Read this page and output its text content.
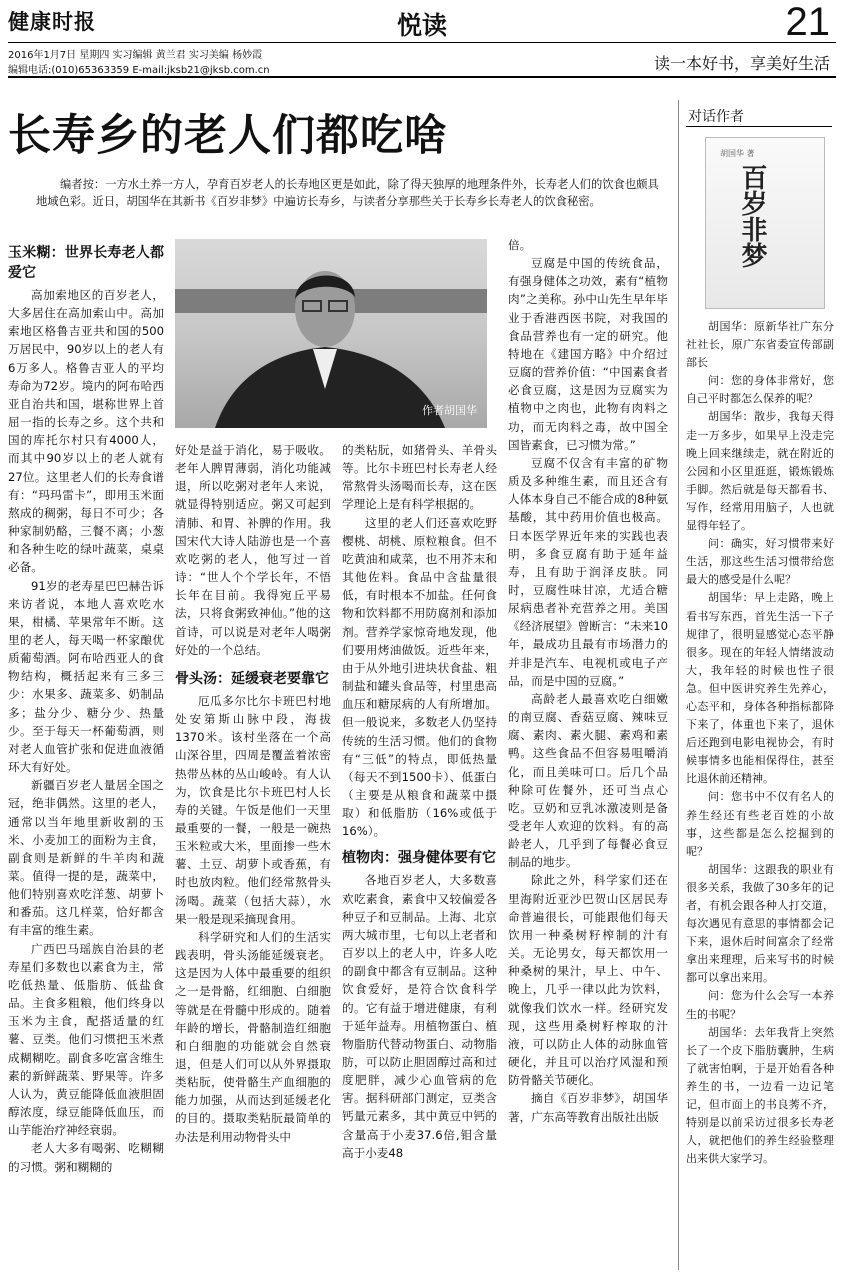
健康时报	悦读	21
2016年1月7日 星期四 实习编辑 黄兰君 实习美编 杨妙霞
编辑电话:(010)65363359 E-mail:jksb21@jksb.com.cn	读一本好书，享美好生活
长寿乡的老人们都吃啥
编者按：一方水土养一方人，孕育百岁老人的长寿地区更是如此，除了得天独厚的地理条件外，长寿老人们的饮食也颇具地域色彩。近日，胡国华在其新书《百岁非梦》中遍访长寿乡，与读者分享那些关于长寿乡长寿老人的饮食秘密。
对话作者
胡国华 著
百岁非梦
作者胡国华
玉米糊：世界长寿老人都爱它

高加索地区的百岁老人，大多居住在高加索山中。高加索地区格鲁吉亚共和国的500万居民中，90岁以上的老人有6万多人。格鲁吉亚人的平均寿命为72岁。境内的阿布哈西亚自治共和国，堪称世界上首屈一指的长寿之乡。这个共和国的库托尔村只有4000人，而其中90岁以上的老人就有27位。这里老人们的长寿食谱有：“玛玛雷卡”，即用玉米面熬成的稠粥，每日不可少；各种家制奶酪，三餐不离；小葱和各种生吃的绿叶蔬菜，桌桌必备。

91岁的老寿星巴巴赫告诉来访者说，本地人喜欢吃水果，柑橘、苹果常年不断。这里的老人，每天喝一杯家酿优质葡萄酒。阿布哈西亚人的食物结构，概括起来有三多三少：水果多、蔬菜多、奶制品多；盐分少、糖分少、热量少。至于每天一杯葡萄酒，则对老人血管扩张和促进血液循环大有好处。

新疆百岁老人量居全国之冠，绝非偶然。这里的老人，通常以当年地里新收割的玉米、小麦加工的面粉为主食，副食则是新鲜的牛羊肉和蔬菜。值得一提的是，蔬菜中，他们特别喜欢吃洋葱、胡萝卜和番茄。这几样菜，恰好都含有丰富的维生素。

广西巴马瑶族自治县的老寿星们多数也以素食为主，常吃低热量、低脂肪、低盐食品。主食多粗粮，他们终身以玉米为主食，配搭适量的红薯、豆类。他们习惯把玉米煮成糊糊吃。副食多吃富含维生素的新鲜蔬菜、野果等。许多人认为，黄豆能降低血液胆固醇浓度，绿豆能降低血压，而山芋能治疗神经衰弱。

老人大多有喝粥、吃糊糊的习惯。粥和糊糊的

好处是益于消化，易于吸收。老年人脾胃薄弱，消化功能减退，所以吃粥对老年人来说，就显得特别适应。粥又可起到清肺、和胃、补脾的作用。我国宋代大诗人陆游也是一个喜欢吃粥的老人，他写过一首诗：“世人个个学长年，不悟长年在目前。我得宛丘平易法，只将食粥致神仙。”他的这首诗，可以说是对老年人喝粥好处的一个总结。

骨头汤：延缓衰老要靠它

厄瓜多尔比尔卡班巴村地处安第斯山脉中段，海拔1370米。该村坐落在一个高山深谷里，四周是覆盖着浓密热带丛林的丛山峻岭。有人认为，饮食是比尔卡班巴村人长寿的关键。午饭是他们一天里最重要的一餐，一般是一碗热玉米粒或大米，里面掺一些木薯、土豆、胡萝卜或香蕉，有时也放肉粒。他们经常熬骨头汤喝。蔬菜（包括大蒜），水果一般是现采摘现食用。

科学研究和人们的生活实践表明，骨头汤能延缓衰老。这是因为人体中最重要的组织之一是骨骼，红细胞、白细胞等就是在骨髓中形成的。随着年龄的增长，骨骼制造红细胞和白细胞的功能就会自然衰退，但是人们可以从外界摄取类粘朊，使骨骼生产血细胞的能力加强，从而达到延缓老化的目的。摄取类粘朊最简单的办法是利用动物骨头中

的类粘朊，如猪骨头、羊骨头等。比尔卡班巴村长寿老人经常熬骨头汤喝而长寿，这在医学理论上是有科学根据的。

这里的老人们还喜欢吃野樱桃、胡桃、原粒粮食。但不吃黄油和咸菜，也不用芥末和其他佐料。食品中含盐量很低，有时根本不加盐。任何食物和饮料都不用防腐剂和添加剂。营养学家惊奇地发现，他们要用烤油做饭。近些年来，由于从外地引进块状食盐、粗制盐和罐头食品等，村里患高血压和糖尿病的人有所增加。但一般说来，多数老人仍坚持传统的生活习惯。他们的食物有“三低”的特点，即低热量（每天不到1500卡）、低蛋白（主要是从粮食和蔬菜中摄取）和低脂肪（16%或低于16%）。

植物肉：强身健体要有它

各地百岁老人，大多数喜欢吃素食，素食中又较偏爱各种豆子和豆制品。上海、北京两大城市里，七旬以上老者和百岁以上的老人中，许多人吃的副食中都含有豆制品。这种饮食爱好，是符合饮食科学的。它有益于增进健康，有利于延年益寿。用植物蛋白、植物脂肪代替动物蛋白、动物脂肪，可以防止胆固醇过高和过度肥胖，减少心血管病的危害。据科研部门测定，豆类含钙量元素多，其中黄豆中钙的含量高于小麦37.6倍,钼含量高于小麦48

倍。

豆腐是中国的传统食品，有强身健体之功效，素有“植物肉”之美称。孙中山先生早年毕业于香港西医书院，对我国的食品营养也有一定的研究。他特地在《建国方略》中介绍过豆腐的营养价值：“中国素食者必食豆腐，这是因为豆腐实为植物中之肉也，此物有肉料之功，而无肉料之毒，故中国全国皆素食，已习惯为常。”

豆腐不仅含有丰富的矿物质及多种维生素，而且还含有人体本身自己不能合成的8种氨基酸，其中药用价值也极高。日本医学界近年来的实践也表明，多食豆腐有助于延年益寿，且有助于润泽皮肤。同时，豆腐性味甘凉，尤适合糖尿病患者补充营养之用。美国《经济展望》曾断言：“未来10年，最成功且最有市场潜力的并非是汽车、电视机或电子产品，而是中国的豆腐。”

高龄老人最喜欢吃白细嫩的南豆腐、香菇豆腐、辣味豆腐、素肉、素火腿、素鸡和素鸭。这些食品不但容易咀嚼消化，而且美味可口。后几个品种除可佐餐外，还可当点心吃。豆奶和豆乳冰激凌则是备受老年人欢迎的饮料。有的高龄老人，几乎到了每餐必食豆制品的地步。

除此之外，科学家们还在里海附近亚沙巴贺山区居民寿命普遍很长，可能跟他们每天饮用一种桑树籽榨制的汁有关。无论男女，每天都饮用一种桑树的果汁，早上、中午、晚上，几乎一律以此为饮料，就像我们饮水一样。经研究发现，这些用桑树籽榨取的汁液，可以防止人体的动脉血管硬化，并且可以治疗风湿和预防骨骼关节硬化。

摘自《百岁非梦》，胡国华著，广东高等教育出版社出版

胡国华：原新华社广东分社社长，原广东省委宣传部副部长

问：您的身体非常好，您自己平时都怎么保养的呢？

胡国华：散步，我每天得走一万多步，如果早上没走完晚上回来继续走，就在附近的公园和小区里逛逛，锻炼锻炼手脚。然后就是每天都看书、写作，经常用用脑子，人也就显得年轻了。

问：确实，好习惯带来好生活，那这些生活习惯带给您最大的感受是什么呢？

胡国华：早上走路，晚上看书写东西，首先生活一下子规律了，很明显感觉心态平静很多。现在的年轻人情绪波动大，我年轻的时候也性子很急。但中医讲究养生先养心，心态平和，身体各种指标都降下来了，体重也下来了，退休后还跑到电影电视协会，有时候事情多也能相保得住，甚至比退休前还精神。

问：您书中不仅有名人的养生经还有些老百姓的小故事，这些都是怎么挖掘到的呢？

胡国华：这跟我的职业有很多关系，我做了30多年的记者，有机会跟各种人打交道，每次遇见有意思的事情都会记下来，退休后时间富余了经常拿出来理理，后来写书的时候都可以拿出来用。

问：您为什么会写一本养生的书呢？

胡国华：去年我背上突然长了一个皮下脂肪囊肿，生病了就害怕啊，于是开始看各种养生的书，一边看一边记笔记，但市面上的书良莠不齐，特别是以前采访过很多长寿老人，就把他们的养生经验整理出来供大家学习。
